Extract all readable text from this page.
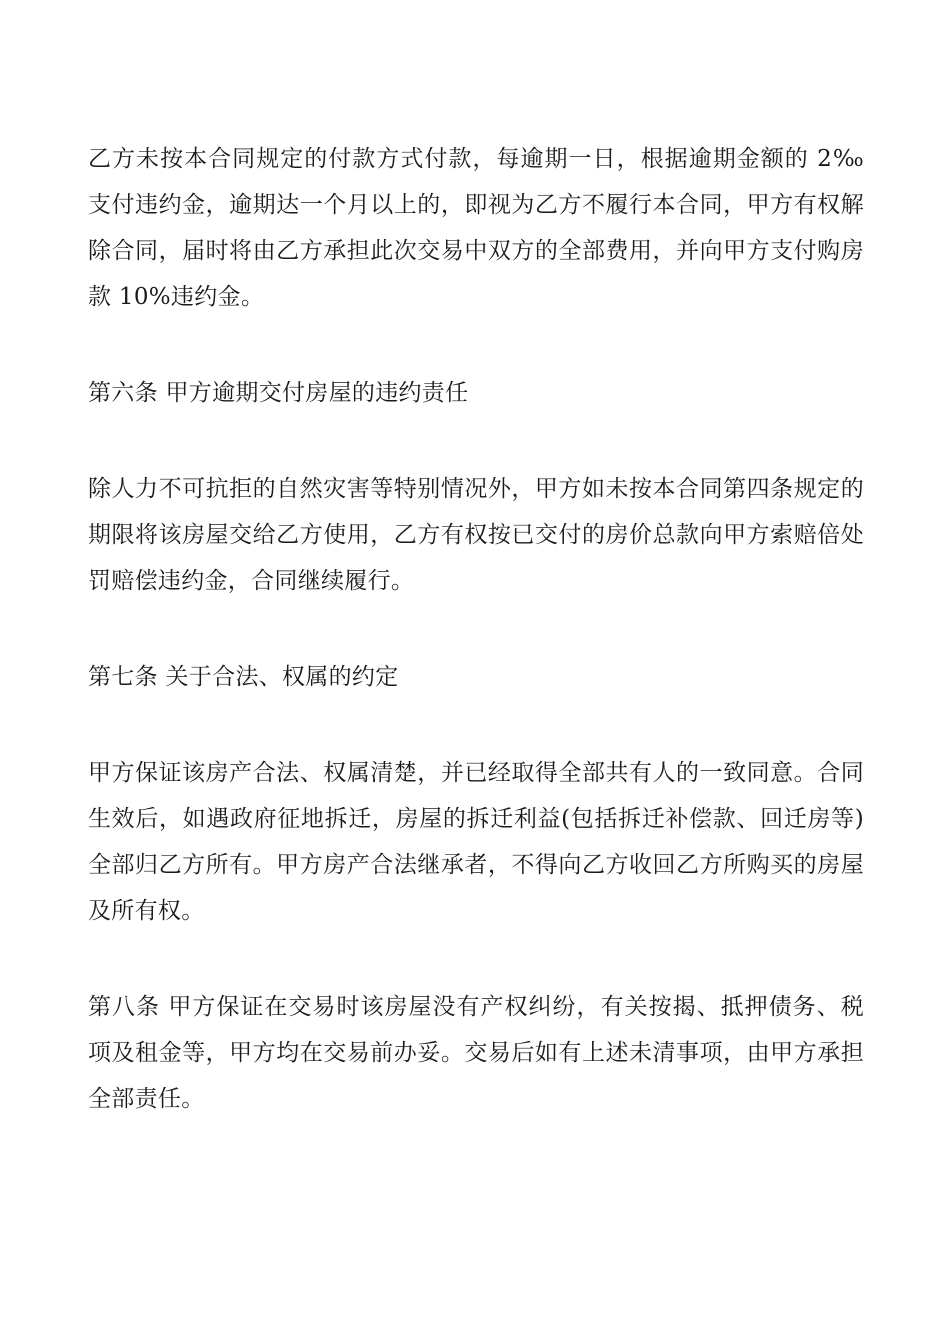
乙方未按本合同规定的付款方式付款，每逾期一日，根据逾期金额的 2‰ 支付违约金，逾期达一个月以上的，即视为乙方不履行本合同，甲方有权解除合同，届时将由乙方承担此次交易中双方的全部费用，并向甲方支付购房款 10%违约金。

第六条 甲方逾期交付房屋的违约责任

除人力不可抗拒的自然灾害等特别情况外，甲方如未按本合同第四条规定的期限将该房屋交给乙方使用，乙方有权按已交付的房价总款向甲方索赔倍处罚赔偿违约金，合同继续履行。

第七条 关于合法、权属的约定

甲方保证该房产合法、权属清楚，并已经取得全部共有人的一致同意。合同生效后，如遇政府征地拆迁，房屋的拆迁利益(包括拆迁补偿款、回迁房等)全部归乙方所有。甲方房产合法继承者，不得向乙方收回乙方所购买的房屋及所有权。

第八条 甲方保证在交易时该房屋没有产权纠纷，有关按揭、抵押债务、税项及租金等，甲方均在交易前办妥。交易后如有上述未清事项，由甲方承担全部责任。
